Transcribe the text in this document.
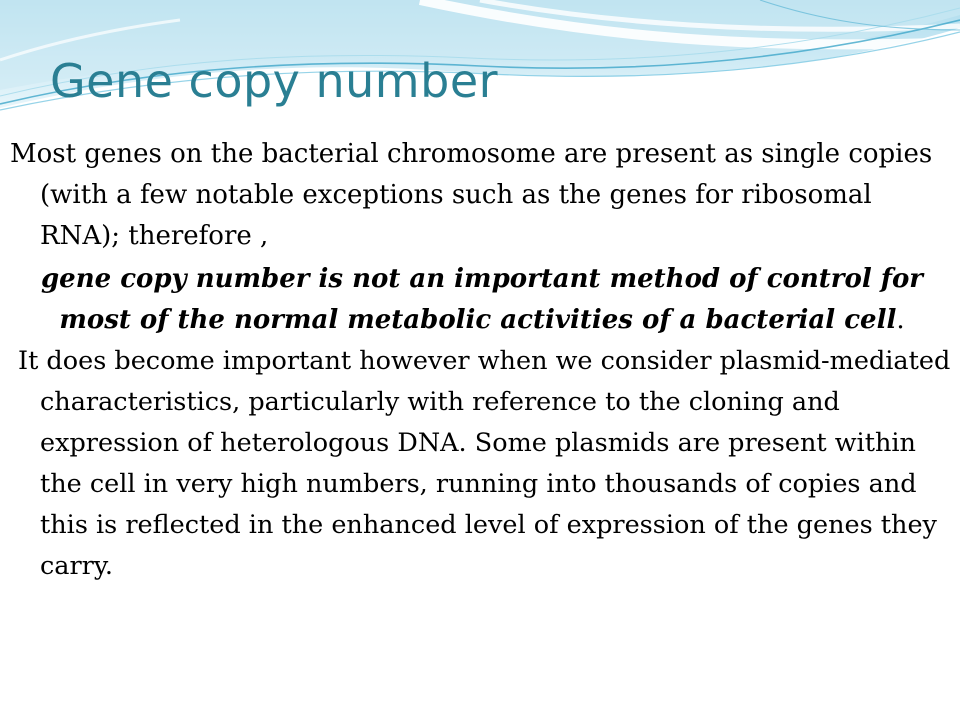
Gene copy number

Most genes on the bacterial chromosome are present as single copies (with a few notable exceptions such as the genes for ribosomal RNA); therefore ,

gene copy number is not an important method of control for most of the normal metabolic activities of a bacterial cell.

It does become important however when we consider plasmid-mediated characteristics, particularly with reference to the cloning and expression of heterologous DNA. Some plasmids are present within the cell in very high numbers, running into thousands of copies and this is reflected in the enhanced level of expression of the genes they carry.
